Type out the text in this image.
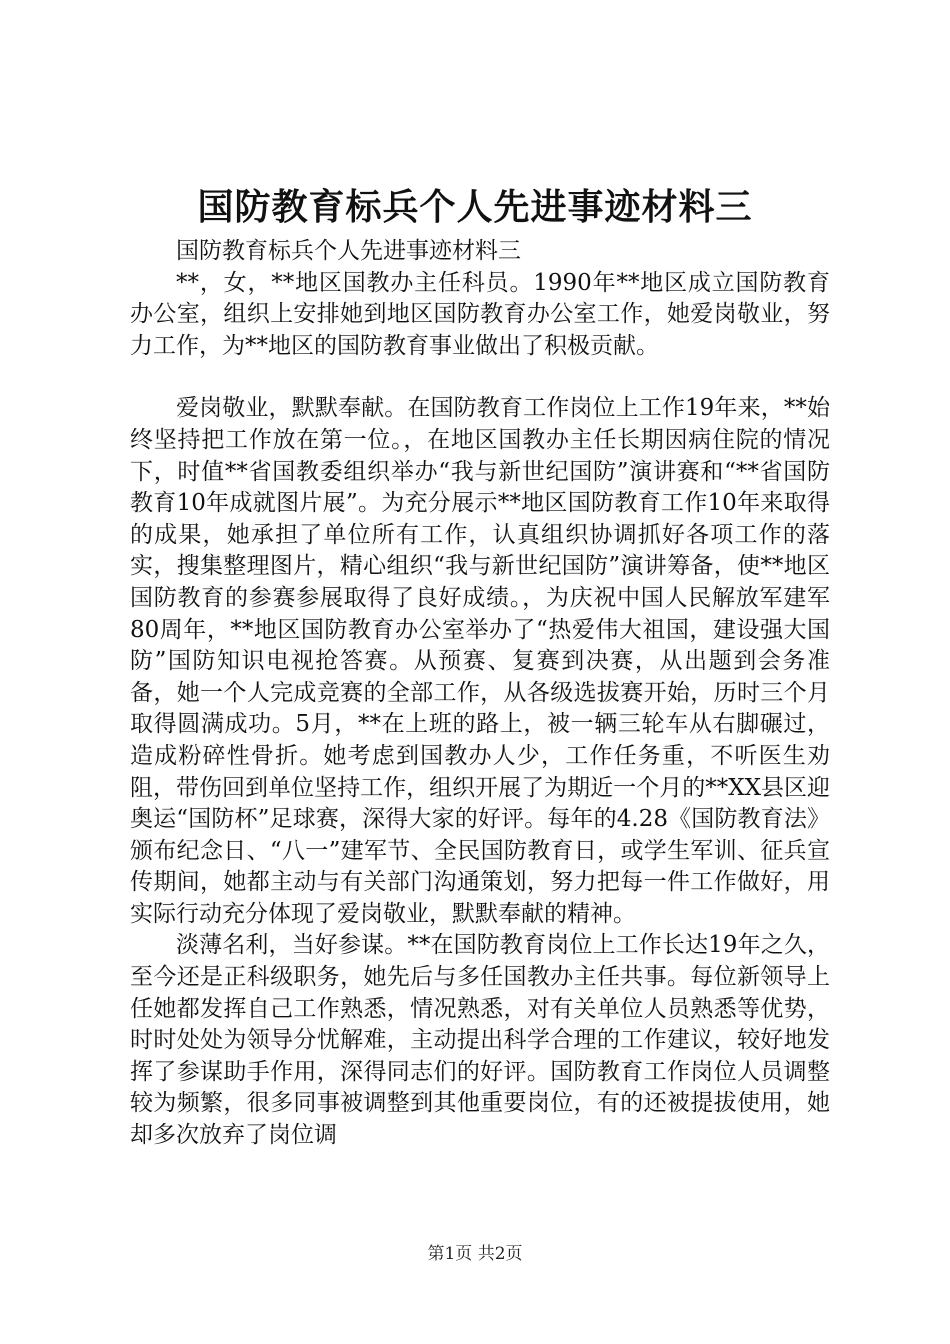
国防教育标兵个人先进事迹材料三

国防教育标兵个人先进事迹材料三

**，女，**地区国教办主任科员。1990年**地区成立国防教育办公室，组织上安排她到地区国防教育办公室工作，她爱岗敬业，努力工作，为**地区的国防教育事业做出了积极贡献。

爱岗敬业，默默奉献。在国防教育工作岗位上工作19年来，**始终坚持把工作放在第一位。，在地区国教办主任长期因病住院的情况下，时值**省国教委组织举办“我与新世纪国防”演讲赛和“**省国防教育10年成就图片展”。为充分展示**地区国防教育工作10年来取得的成果，她承担了单位所有工作，认真组织协调抓好各项工作的落实，搜集整理图片，精心组织“我与新世纪国防”演讲筹备，使**地区国防教育的参赛参展取得了良好成绩。，为庆祝中国人民解放军建军80周年，**地区国防教育办公室举办了“热爱伟大祖国，建设强大国防”国防知识电视抢答赛。从预赛、复赛到决赛，从出题到会务准备，她一个人完成竞赛的全部工作，从各级选拔赛开始，历时三个月取得圆满成功。5月，**在上班的路上，被一辆三轮车从右脚碾过，造成粉碎性骨折。她考虑到国教办人少，工作任务重，不听医生劝阻，带伤回到单位坚持工作，组织开展了为期近一个月的**XX县区迎奥运“国防杯”足球赛，深得大家的好评。每年的4.28《国防教育法》颁布纪念日、“八一”建军节、全民国防教育日，或学生军训、征兵宣传期间，她都主动与有关部门沟通策划，努力把每一件工作做好，用实际行动充分体现了爱岗敬业，默默奉献的精神。

淡薄名利，当好参谋。**在国防教育岗位上工作长达19年之久，至今还是正科级职务，她先后与多任国教办主任共事。每位新领导上任她都发挥自己工作熟悉，情况熟悉，对有关单位人员熟悉等优势，时时处处为领导分忧解难，主动提出科学合理的工作建议，较好地发挥了参谋助手作用，深得同志们的好评。国防教育工作岗位人员调整较为频繁，很多同事被调整到其他重要岗位，有的还被提拔使用，她却多次放弃了岗位调

第1页 共2页
